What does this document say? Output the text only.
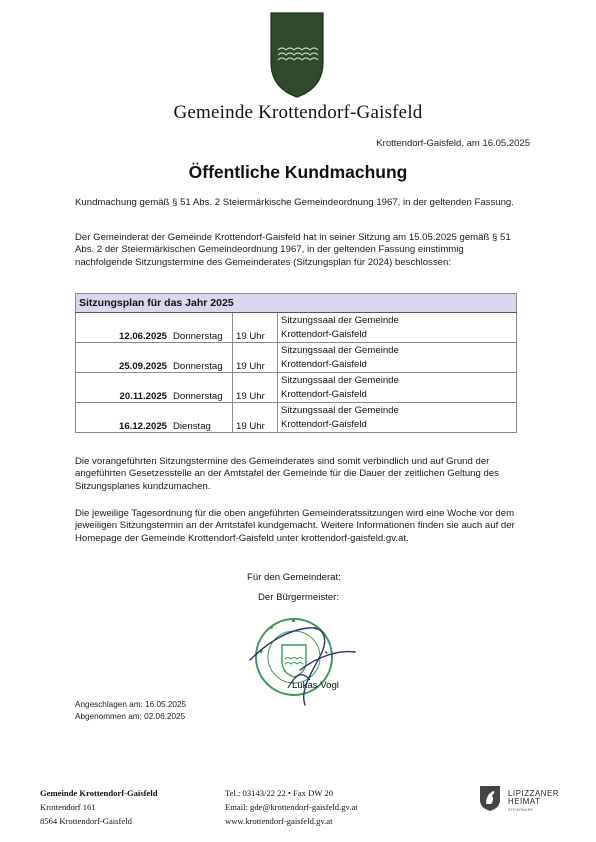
Gemeinde Krottendorf-Gaisfeld
Krottendorf-Gaisfeld, am 16.05.2025
Öffentliche Kundmachung
Kundmachung gemäß § 51 Abs. 2 Steiermärkische Gemeindeordnung 1967, in der geltenden Fassung.
Der Gemeinderat der Gemeinde Krottendorf-Gaisfeld hat in seiner Sitzung am 15.05.2025 gemäß § 51 Abs. 2 der Steiermärkischen Gemeindeordnung 1967, in der geltenden Fassung einstimmig nachfolgende Sitzungstermine des Gemeinderates (Sitzungsplan für 2024) beschlossen:
Sitzungsplan für das Jahr 2025			
12.06.2025	Donnerstag	19 Uhr	Sitzungssaal der Gemeinde
Krottendorf-Gaisfeld
25.09.2025	Donnerstag	19 Uhr	Sitzungssaal der Gemeinde
Krottendorf-Gaisfeld
20.11.2025	Donnerstag	19 Uhr	Sitzungssaal der Gemeinde
Krottendorf-Gaisfeld
16.12.2025	Dienstag	19 Uhr	Sitzungssaal der Gemeinde
Krottendorf-Gaisfeld
Die vorangeführten Sitzungstermine des Gemeinderates sind somit verbindlich und auf Grund der angeführten Gesetzesstelle an der Amtstafel der Gemeinde für die Dauer der zeitlichen Geltung des Sitzungsplanes kundzumachen.
Die jeweilige Tagesordnung für die oben angeführten Gemeinderatssitzungen wird eine Woche vor dem jeweiligen Sitzungstermin an der Amtstafel kundgemacht. Weitere Informationen finden sie auch auf der Homepage der Gemeinde Krottendorf-Gaisfeld unter krottendorf-gaisfeld.gv.at.
Für den Gemeinderat:
Der Bürgermeister:
Lukas Vogl
Angeschlagen am: 16.05.2025
Abgenommen am: 02.06.2025
Gemeinde Krottendorf-Gaisfeld
Krottendorf 161
8564 Krottendorf-Gaisfeld
Tel.: 03143/22 22 • Fax DW 20
Email: gde@krottendorf-gaisfeld.gv.at
www.krottendorf-gaisfeld.gv.at
LIPIZZANER
HEIMAT
STEIERMARK
